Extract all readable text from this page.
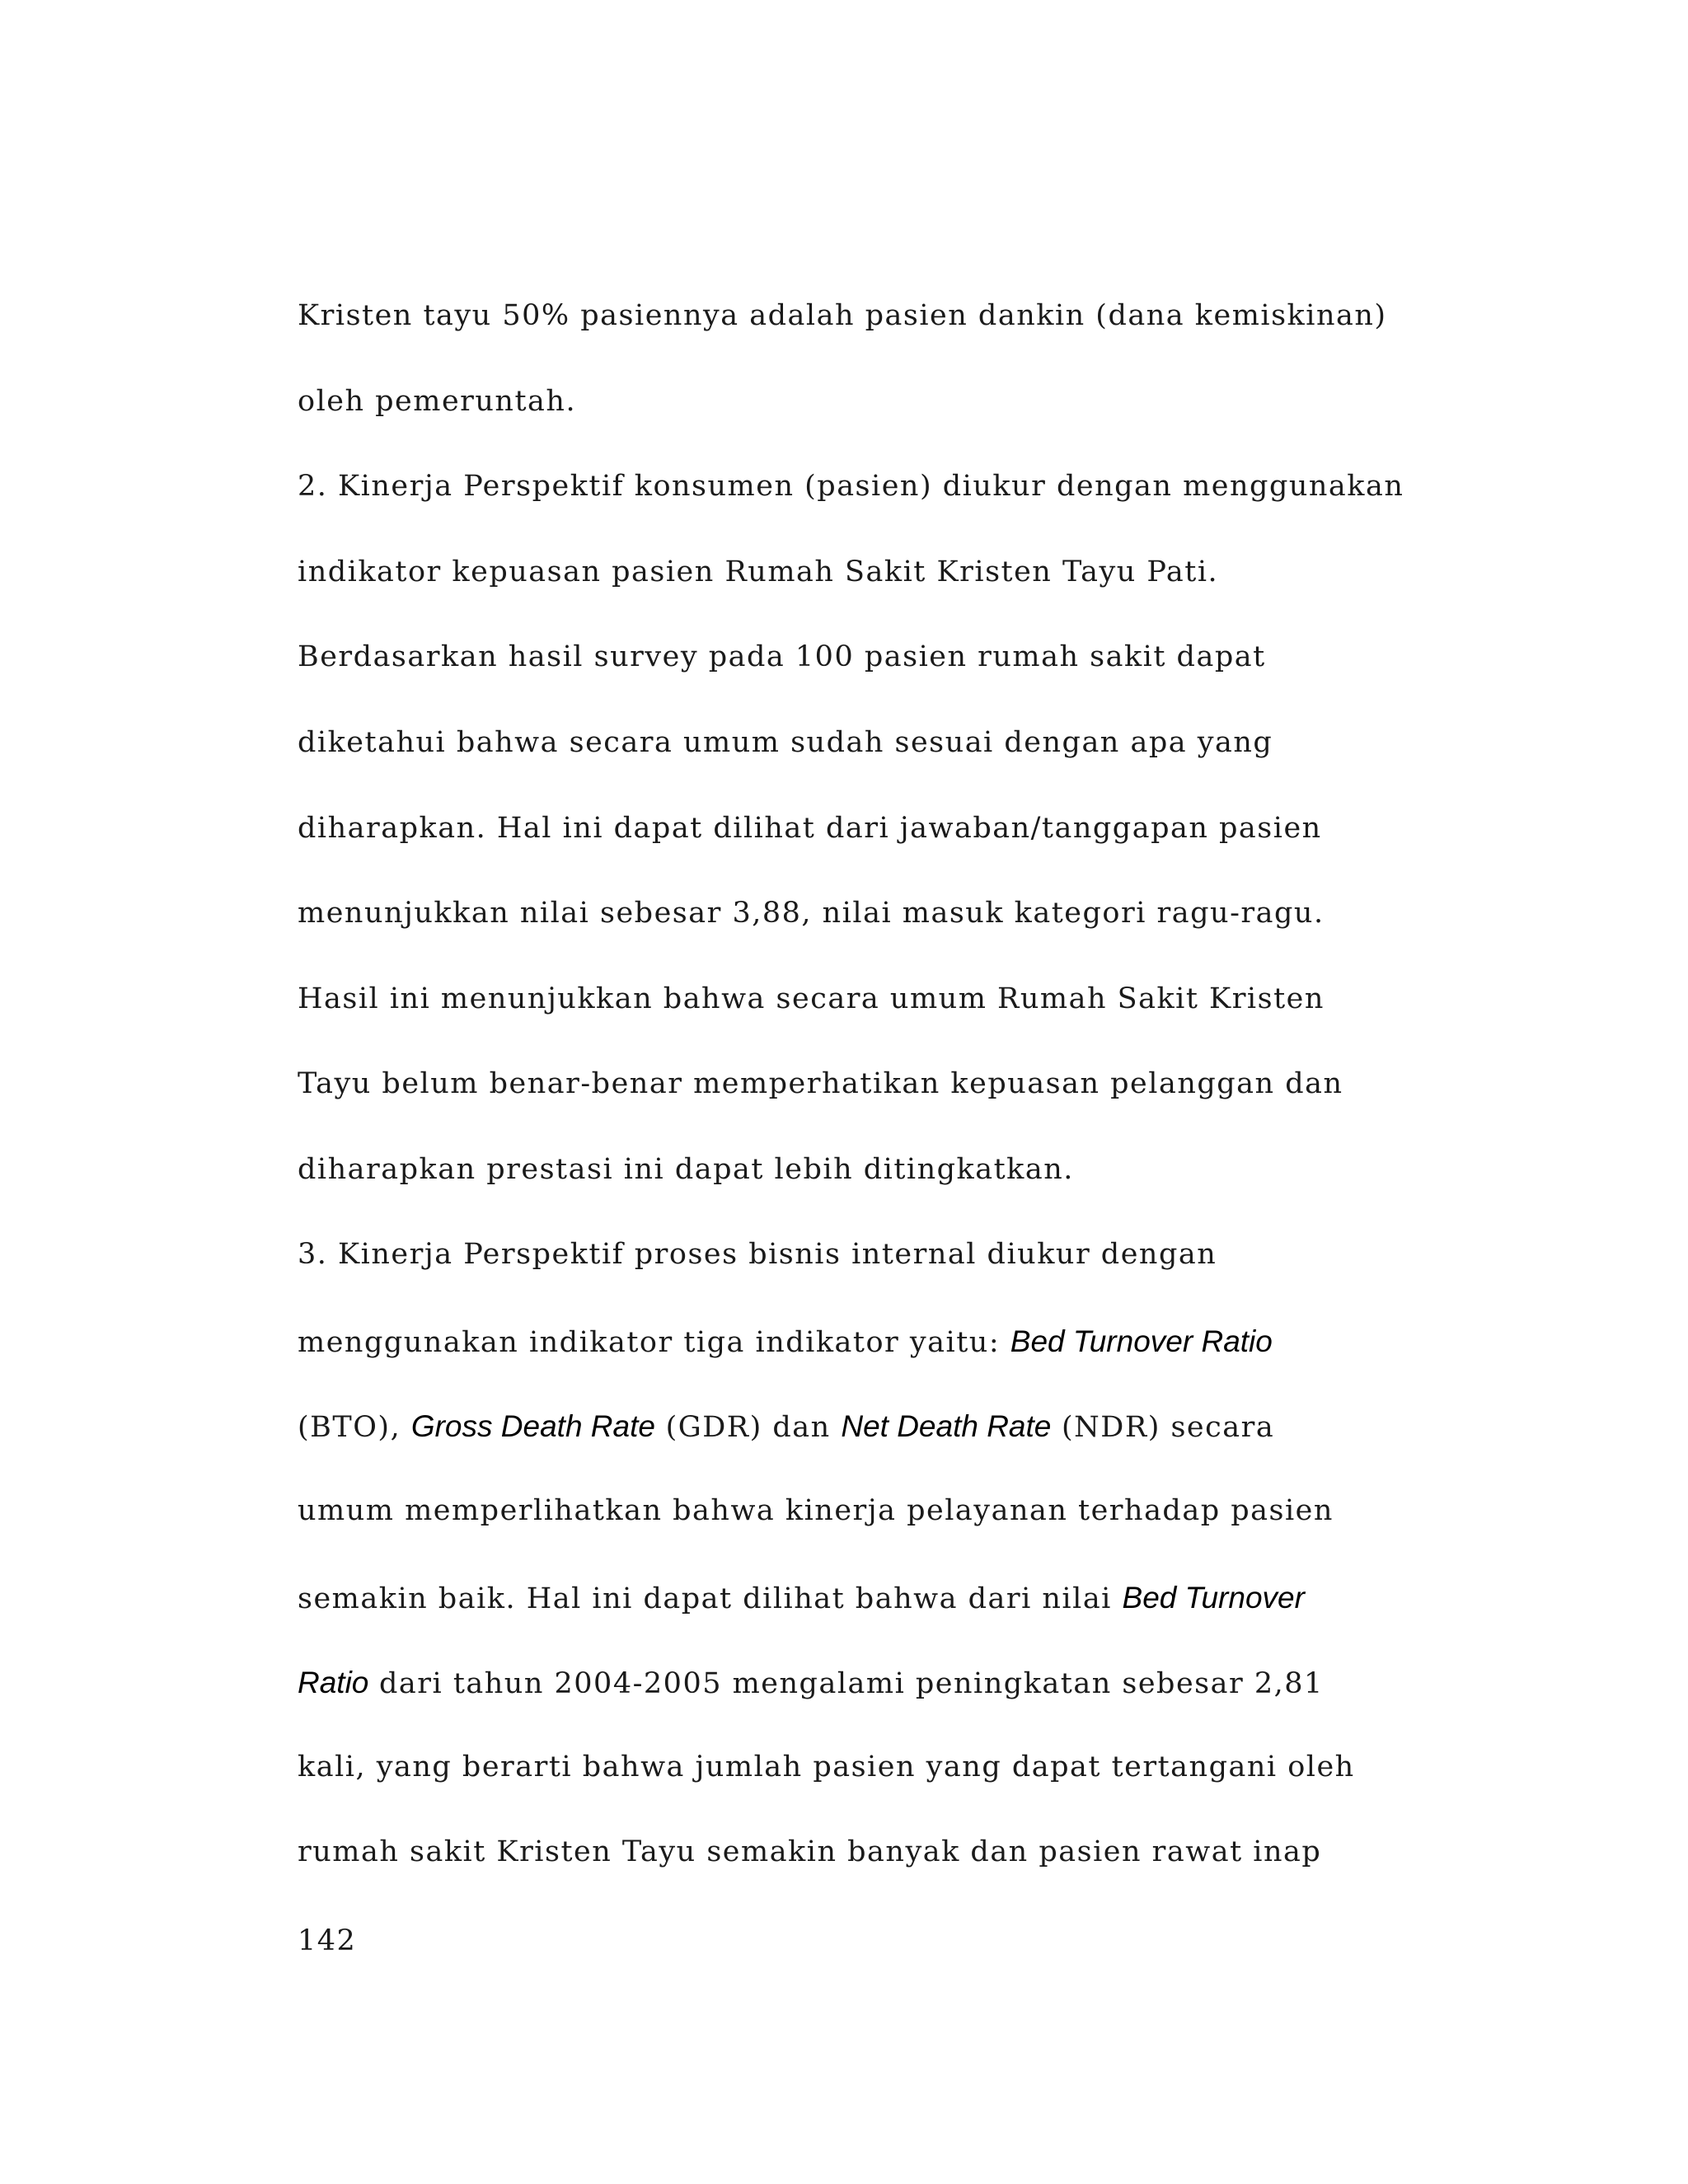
Kristen tayu 50% pasiennya adalah pasien dankin (dana kemiskinan)
oleh pemeruntah.
2. Kinerja Perspektif konsumen (pasien) diukur dengan menggunakan
indikator kepuasan pasien Rumah Sakit Kristen Tayu Pati.
Berdasarkan hasil survey pada 100 pasien rumah sakit dapat
diketahui bahwa secara umum sudah sesuai dengan apa yang
diharapkan. Hal ini dapat dilihat dari jawaban/tanggapan pasien
menunjukkan nilai sebesar 3,88, nilai masuk kategori ragu-ragu.
Hasil ini menunjukkan bahwa secara umum Rumah Sakit Kristen
Tayu belum benar-benar memperhatikan kepuasan pelanggan dan
diharapkan prestasi ini dapat lebih ditingkatkan.
3. Kinerja Perspektif proses bisnis internal diukur dengan
menggunakan indikator tiga indikator yaitu: Bed Turnover Ratio
(BTO), Gross Death Rate (GDR) dan Net Death Rate (NDR) secara
umum memperlihatkan bahwa kinerja pelayanan terhadap pasien
semakin baik. Hal ini dapat dilihat bahwa dari nilai Bed Turnover
Ratio dari tahun 2004-2005 mengalami peningkatan sebesar 2,81
kali, yang berarti bahwa jumlah pasien yang dapat tertangani oleh
rumah sakit Kristen Tayu semakin banyak dan pasien rawat inap
142
